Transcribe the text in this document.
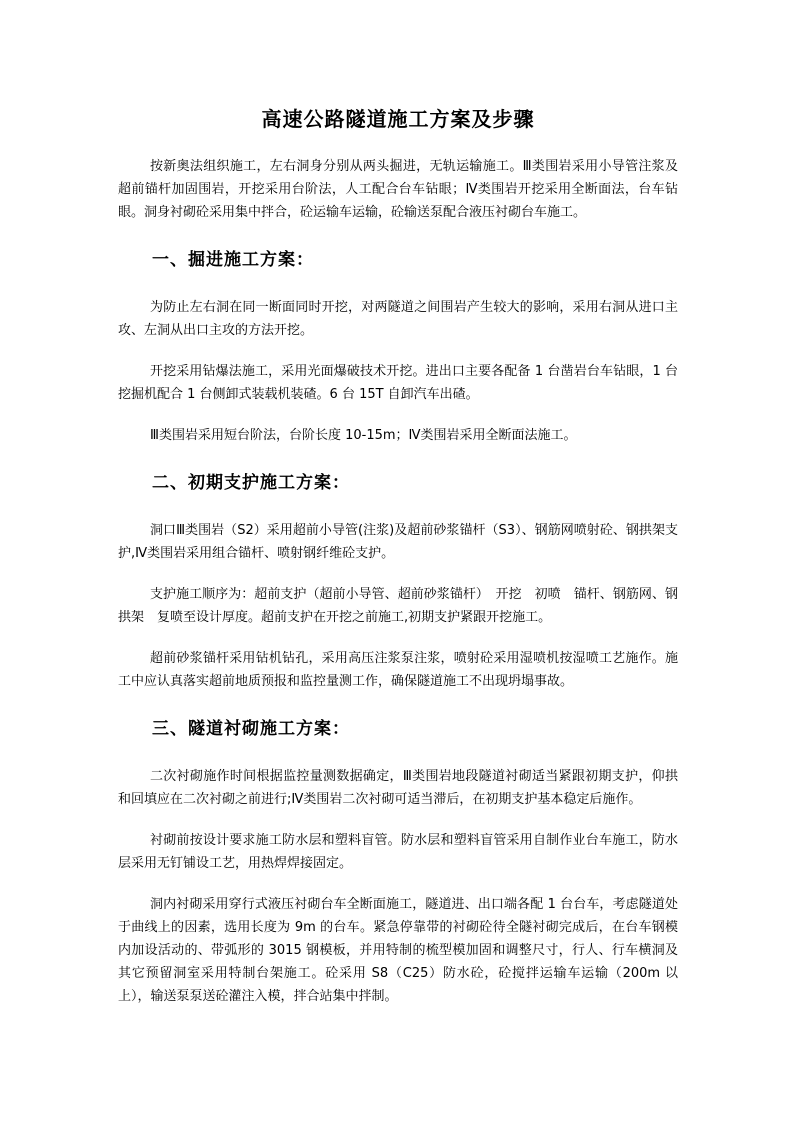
高速公路隧道施工方案及步骤

按新奥法组织施工，左右洞身分别从两头掘进，无轨运输施工。Ⅲ类围岩采用小导管注浆及超前锚杆加固围岩，开挖采用台阶法，人工配合台车钻眼；Ⅳ类围岩开挖采用全断面法，台车钻眼。洞身衬砌砼采用集中拌合，砼运输车运输，砼输送泵配合液压衬砌台车施工。

一、掘进施工方案：

为防止左右洞在同一断面同时开挖，对两隧道之间围岩产生较大的影响，采用右洞从进口主攻、左洞从出口主攻的方法开挖。

开挖采用钻爆法施工，采用光面爆破技术开挖。进出口主要各配备 1 台凿岩台车钻眼，1 台挖掘机配合 1 台侧卸式装载机装碴。6 台 15T 自卸汽车出碴。

Ⅲ类围岩采用短台阶法，台阶长度 10-15m；Ⅳ类围岩采用全断面法施工。

二、初期支护施工方案：

洞口Ⅲ类围岩（S2）采用超前小导管(注浆)及超前砂浆锚杆（S3）、钢筋网喷射砼、钢拱架支护,Ⅳ类围岩采用组合锚杆、喷射钢纤维砼支护。

支护施工顺序为：超前支护（超前小导管、超前砂浆锚杆）　开挖　初喷　锚杆、钢筋网、钢拱架　复喷至设计厚度。超前支护在开挖之前施工,初期支护紧跟开挖施工。

超前砂浆锚杆采用钻机钻孔，采用高压注浆泵注浆，喷射砼采用湿喷机按湿喷工艺施作。施工中应认真落实超前地质预报和监控量测工作，确保隧道施工不出现坍塌事故。

三、隧道衬砌施工方案：

二次衬砌施作时间根据监控量测数据确定，Ⅲ类围岩地段隧道衬砌适当紧跟初期支护，仰拱和回填应在二次衬砌之前进行;Ⅳ类围岩二次衬砌可适当滞后，在初期支护基本稳定后施作。

衬砌前按设计要求施工防水层和塑料盲管。防水层和塑料盲管采用自制作业台车施工，防水层采用无钉铺设工艺，用热焊焊接固定。

洞内衬砌采用穿行式液压衬砌台车全断面施工，隧道进、出口端各配 1 台台车，考虑隧道处于曲线上的因素，选用长度为 9m 的台车。紧急停靠带的衬砌砼待全隧衬砌完成后，在台车钢模内加设活动的、带弧形的 3015 钢模板，并用特制的梳型模加固和调整尺寸，行人、行车横洞及其它预留洞室采用特制台架施工。砼采用 S8（C25）防水砼，砼搅拌运输车运输（200m 以上），输送泵泵送砼灌注入模，拌合站集中拌制。
